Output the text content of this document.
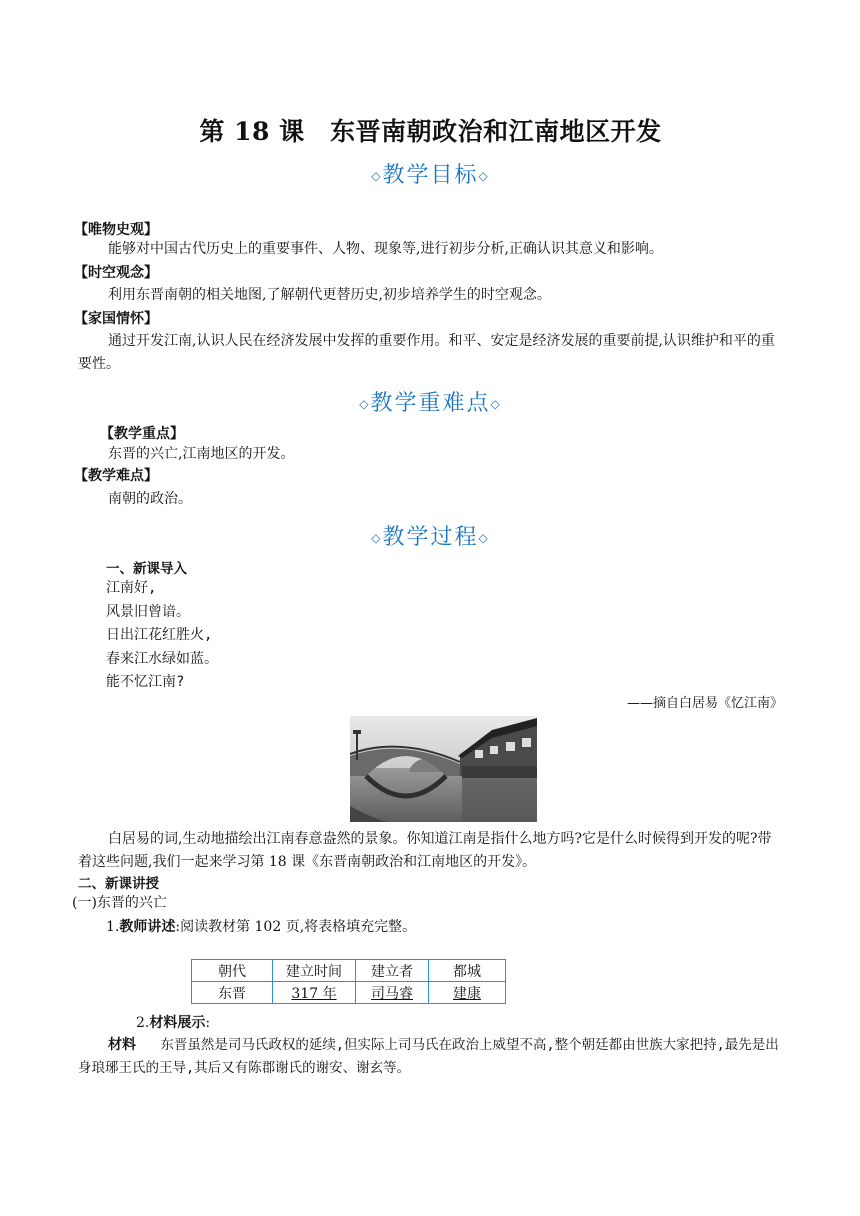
第 18 课　东晋南朝政治和江南地区开发
◇教学目标◇
【唯物史观】
能够对中国古代历史上的重要事件、人物、现象等,进行初步分析,正确认识其意义和影响。
【时空观念】
利用东晋南朝的相关地图,了解朝代更替历史,初步培养学生的时空观念。
【家国情怀】
通过开发江南,认识人民在经济发展中发挥的重要作用。和平、安定是经济发展的重要前提,认识维护和平的重要性。
◇教学重难点◇
【教学重点】
东晋的兴亡,江南地区的开发。
【教学难点】
南朝的政治。
◇教学过程◇
一、新课导入
江南好,
风景旧曾谙。
日出江花红胜火,
春来江水绿如蓝。
能不忆江南?
——摘自白居易《忆江南》
白居易的词,生动地描绘出江南春意盎然的景象。你知道江南是指什么地方吗?它是什么时候得到开发的呢?带着这些问题,我们一起来学习第 18 课《东晋南朝政治和江南地区的开发》。
二、新课讲授
(一)东晋的兴亡
1.教师讲述:阅读教材第 102 页,将表格填充完整。
2.材料展示:
材料 东晋虽然是司马氏政权的延续,但实际上司马氏在政治上威望不高,整个朝廷都由世族大家把持,最先是出身琅琊王氏的王导,其后又有陈郡谢氏的谢安、谢玄等。
朝代	建立时间	建立者	都城
东晋	317 年	司马睿	建康
